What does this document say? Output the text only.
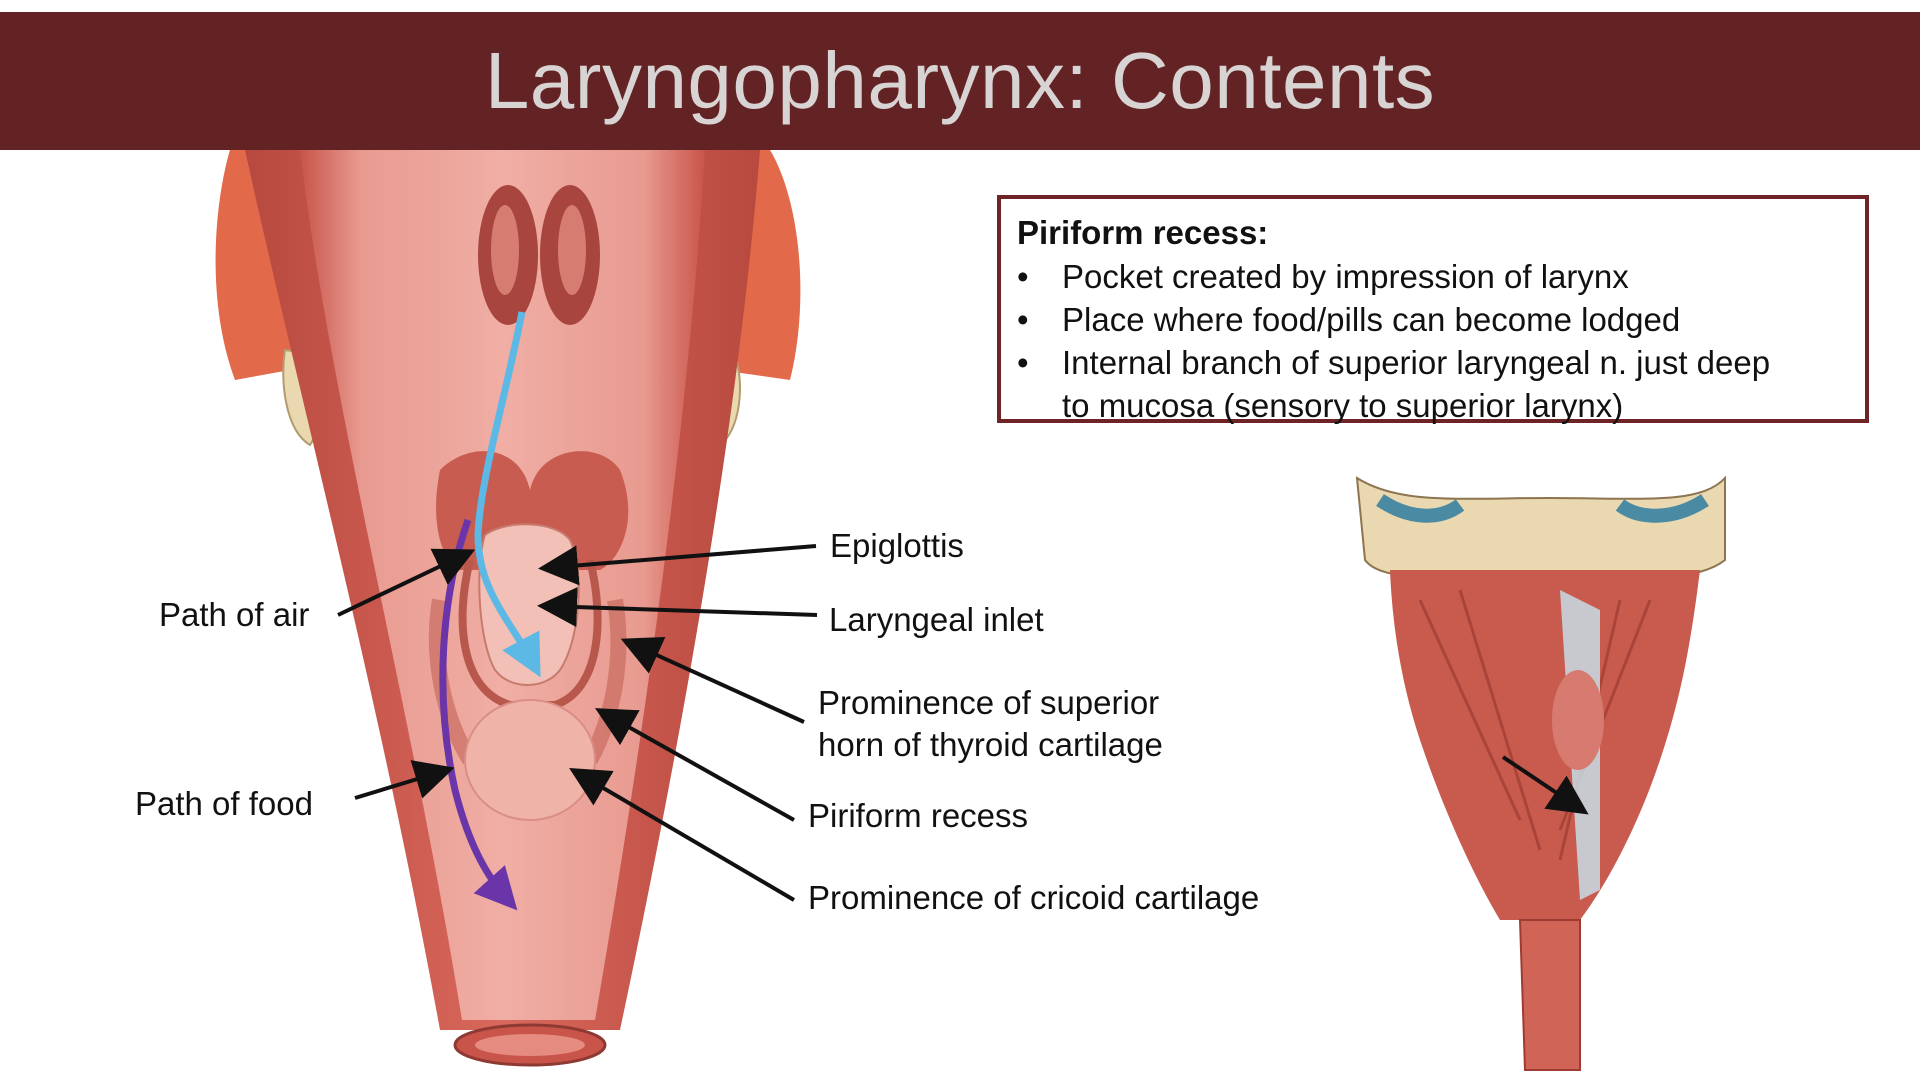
Laryngopharynx: Contents
Piriform recess:
•	Pocket created by impression of larynx
•	Place where food/pills can become lodged
•	Internal branch of superior laryngeal n. just deep
to mucosa (sensory to superior larynx)
Path of air
Path of food
Epiglottis
Laryngeal inlet
Prominence of superior
horn of thyroid cartilage
Piriform recess
Prominence of cricoid cartilage
